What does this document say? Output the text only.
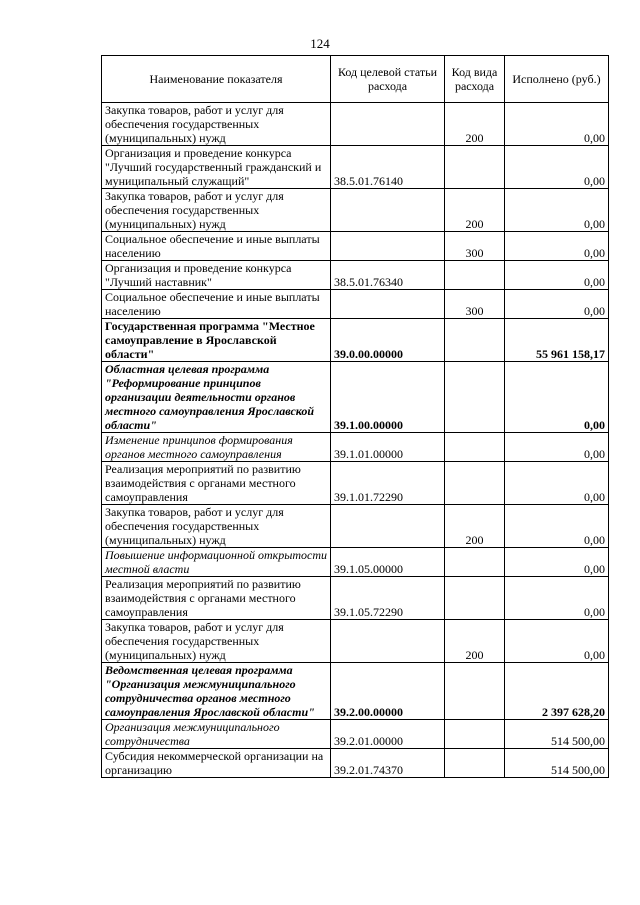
124
Наименование показателя	Код целевой статьи расхода	Код вида расхода	Исполнено (руб.)
Закупка товаров, работ и услуг для обеспечения государственных (муниципальных) нужд		200	0,00
Организация и проведение конкурса "Лучший государственный гражданский и муниципальный служащий"	38.5.01.76140		0,00
Закупка товаров, работ и услуг для обеспечения государственных (муниципальных) нужд		200	0,00
Социальное обеспечение и иные выплаты населению		300	0,00
Организация и проведение конкурса "Лучший наставник"	38.5.01.76340		0,00
Социальное обеспечение и иные выплаты населению		300	0,00
Государственная программа "Местное самоуправление в Ярославской области"	39.0.00.00000		55 961 158,17
Областная целевая программа "Реформирование принципов организации деятельности органов местного самоуправления Ярославской области"	39.1.00.00000		0,00
Изменение принципов формирования органов местного самоуправления	39.1.01.00000		0,00
Реализация мероприятий по развитию взаимодействия с органами местного самоуправления	39.1.01.72290		0,00
Закупка товаров, работ и услуг для обеспечения государственных (муниципальных) нужд		200	0,00
Повышение информационной открытости местной власти	39.1.05.00000		0,00
Реализация мероприятий по развитию взаимодействия с органами местного самоуправления	39.1.05.72290		0,00
Закупка товаров, работ и услуг для обеспечения государственных (муниципальных) нужд		200	0,00
Ведомственная целевая программа "Организация межмуниципального сотрудничества органов местного самоуправления Ярославской области"	39.2.00.00000		2 397 628,20
Организация межмуниципального сотрудничества	39.2.01.00000		514 500,00
Субсидия некоммерческой организации на организацию	39.2.01.74370		514 500,00
